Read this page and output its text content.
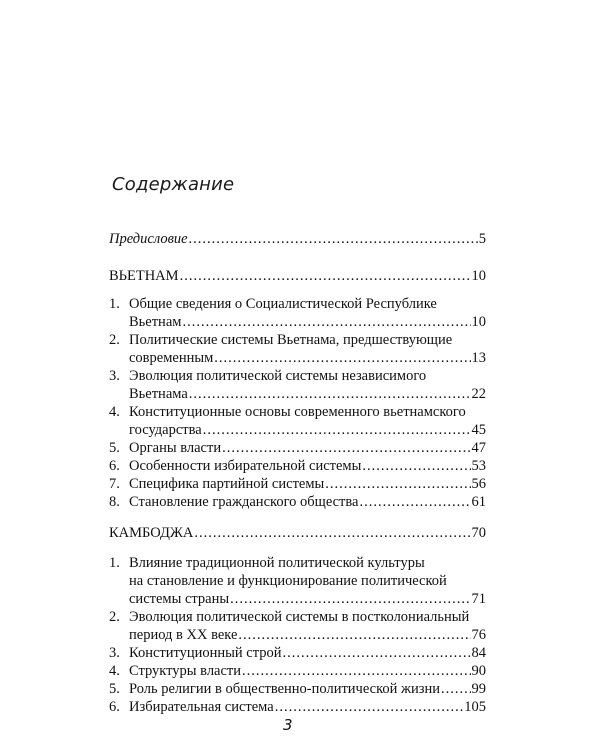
Содержание
Предисловие .....	5
ВЬЕТНАМ .....	10
1. Общие сведения о Социалистической Республике
Вьетнам .....	10
2. Политические системы Вьетнама, предшествующие
современным .....	13
3. Эволюция политической системы независимого
Вьетнама .....	22
4. Конституционные основы современного вьетнамского
государства .....	45
5. Органы власти .....	47
6. Особенности избирательной системы .....	53
7. Специфика партийной системы .....	56
8. Становление гражданского общества .....	61
КАМБОДЖА .....	70
1. Влияние традиционной политической культуры
на становление и функционирование политической
системы страны .....	71
2. Эволюция политической системы в постколониальный
период в XX веке .....	76
3. Конституционный строй .....	84
4. Структуры власти .....	90
5. Роль религии в общественно-политической жизни ..... 99
6. Избирательная система .....	105
3
